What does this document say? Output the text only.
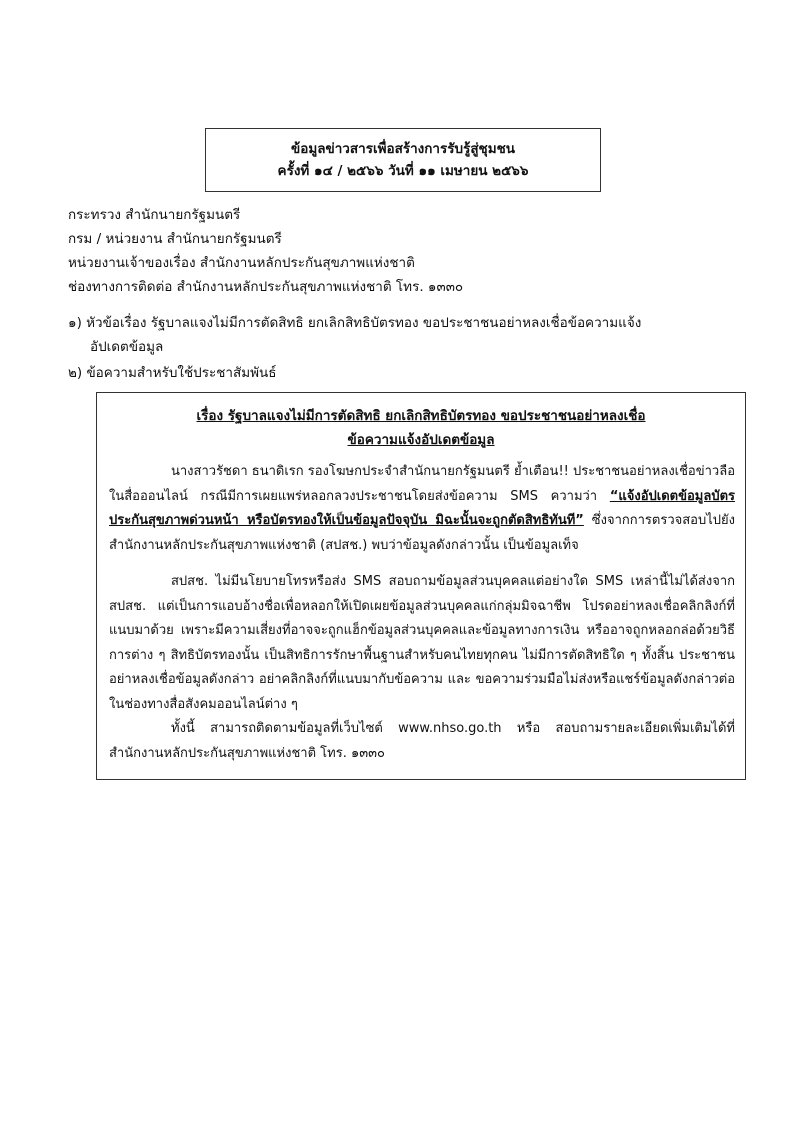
ข้อมูลข่าวสารเพื่อสร้างการรับรู้สู่ชุมชน
ครั้งที่ ๑๔ / ๒๕๖๖ วันที่ ๑๑ เมษายน ๒๕๖๖
กระทรวง สำนักนายกรัฐมนตรี
กรม / หน่วยงาน สำนักนายกรัฐมนตรี
หน่วยงานเจ้าของเรื่อง สำนักงานหลักประกันสุขภาพแห่งชาติ
ช่องทางการติดต่อ สำนักงานหลักประกันสุขภาพแห่งชาติ โทร. ๑๓๓๐
๑) หัวข้อเรื่อง รัฐบาลแจงไม่มีการตัดสิทธิ ยกเลิกสิทธิบัตรทอง ขอประชาชนอย่าหลงเชื่อข้อความแจ้ง
อัปเดตข้อมูล
๒) ข้อความสำหรับใช้ประชาสัมพันธ์
เรื่อง รัฐบาลแจงไม่มีการตัดสิทธิ ยกเลิกสิทธิบัตรทอง ขอประชาชนอย่าหลงเชื่อ
ข้อความแจ้งอัปเดตข้อมูล
นางสาวรัชดา ธนาดิเรก รองโฆษกประจำสำนักนายกรัฐมนตรี ย้ำเตือน!! ประชาชนอย่าหลงเชื่อข่าวลือในสื่อออนไลน์ กรณีมีการเผยแพร่หลอกลวงประชาชนโดยส่งข้อความ SMS ความว่า “แจ้งอัปเดตข้อมูลบัตรประกันสุขภาพด่วนหน้า หรือบัตรทองให้เป็นข้อมูลปัจจุบัน มิฉะนั้นจะถูกตัดสิทธิทันที” ซึ่งจากการตรวจสอบไปยังสำนักงานหลักประกันสุขภาพแห่งชาติ (สปสช.) พบว่าข้อมูลดังกล่าวนั้น เป็นข้อมูลเท็จ
สปสช. ไม่มีนโยบายโทรหรือส่ง SMS สอบถามข้อมูลส่วนบุคคลแต่อย่างใด SMS เหล่านี้ไม่ได้ส่งจาก สปสช. แต่เป็นการแอบอ้างชื่อเพื่อหลอกให้เปิดเผยข้อมูลส่วนบุคคลแก่กลุ่มมิจฉาชีพ โปรดอย่าหลงเชื่อคลิกลิงก์ที่แนบมาด้วย เพราะมีความเสี่ยงที่อาจจะถูกแฮ็กข้อมูลส่วนบุคคลและข้อมูลทางการเงิน หรืออาจถูกหลอกล่อด้วยวิธีการต่าง ๆ สิทธิบัตรทองนั้น เป็นสิทธิการรักษาพื้นฐานสำหรับคนไทยทุกคน ไม่มีการตัดสิทธิใด ๆ ทั้งสิ้น ประชาชนอย่าหลงเชื่อข้อมูลดังกล่าว อย่าคลิกลิงก์ที่แนบมากับข้อความ และ ขอความร่วมมือไม่ส่งหรือแชร์ข้อมูลดังกล่าวต่อในช่องทางสื่อสังคมออนไลน์ต่าง ๆ
ทั้งนี้ สามารถติดตามข้อมูลที่เว็บไซต์ www.nhso.go.th หรือ สอบถามรายละเอียดเพิ่มเติมได้ที่สำนักงานหลักประกันสุขภาพแห่งชาติ โทร. ๑๓๓๐
